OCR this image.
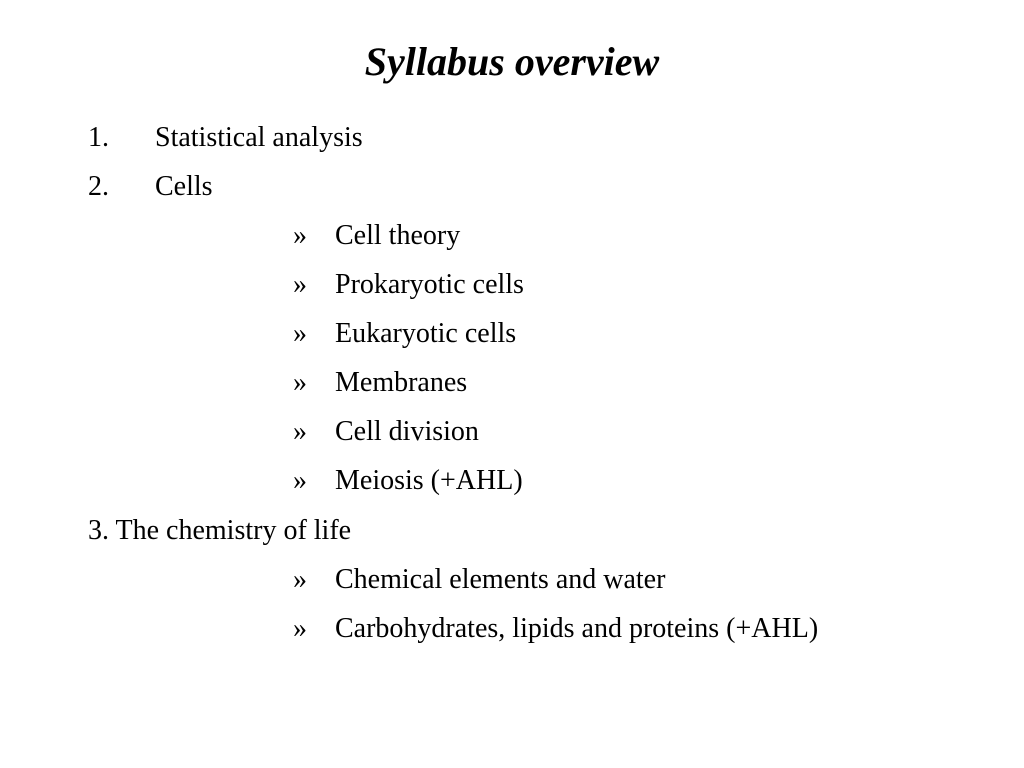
Syllabus overview
1. Statistical analysis
2. Cells
» Cell theory
» Prokaryotic cells
» Eukaryotic cells
» Membranes
» Cell division
» Meiosis (+AHL)
3. The chemistry of life
» Chemical elements and water
» Carbohydrates, lipids and proteins (+AHL)
